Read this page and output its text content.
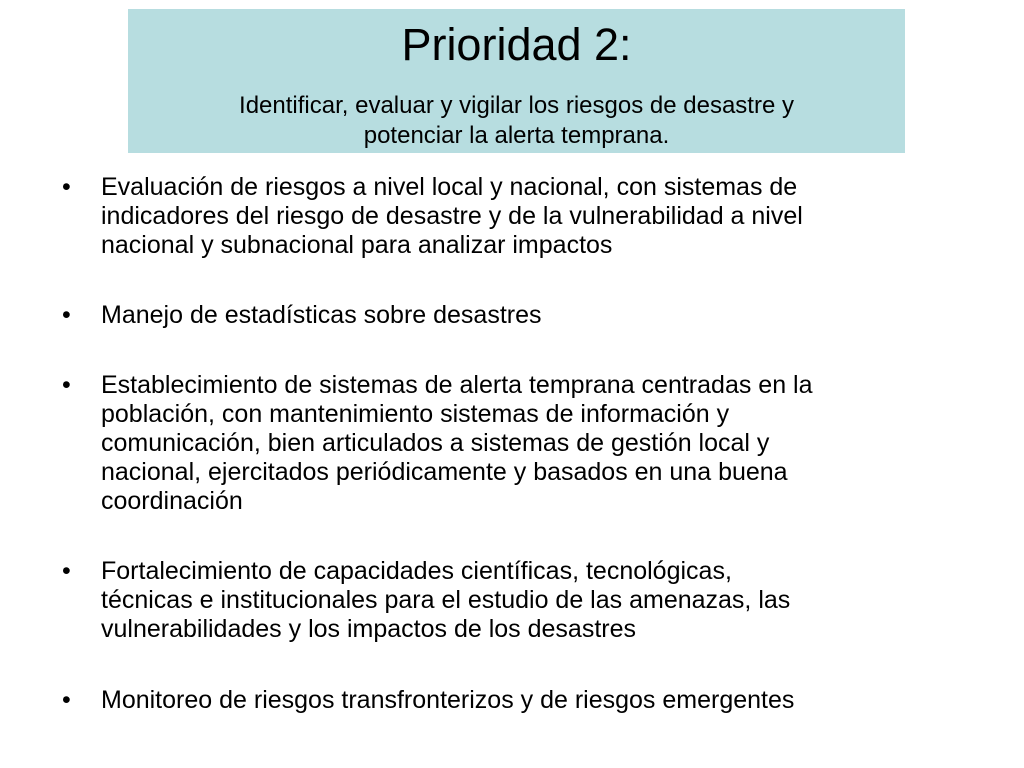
Prioridad 2:
Identificar, evaluar y vigilar los riesgos de desastre y
potenciar la alerta temprana.
• Evaluación de riesgos a nivel local y nacional, con sistemas de
indicadores del riesgo de desastre y de la vulnerabilidad a nivel
nacional y subnacional para analizar impactos
• Manejo de estadísticas sobre desastres
• Establecimiento de sistemas de alerta temprana centradas en la
población, con mantenimiento sistemas de información y
comunicación, bien articulados a sistemas de gestión local y
nacional, ejercitados periódicamente y basados en una buena
coordinación
• Fortalecimiento de capacidades científicas, tecnológicas,
técnicas e institucionales para el estudio de las amenazas, las
vulnerabilidades y los impactos de los desastres
• Monitoreo de riesgos transfronterizos y de riesgos emergentes
